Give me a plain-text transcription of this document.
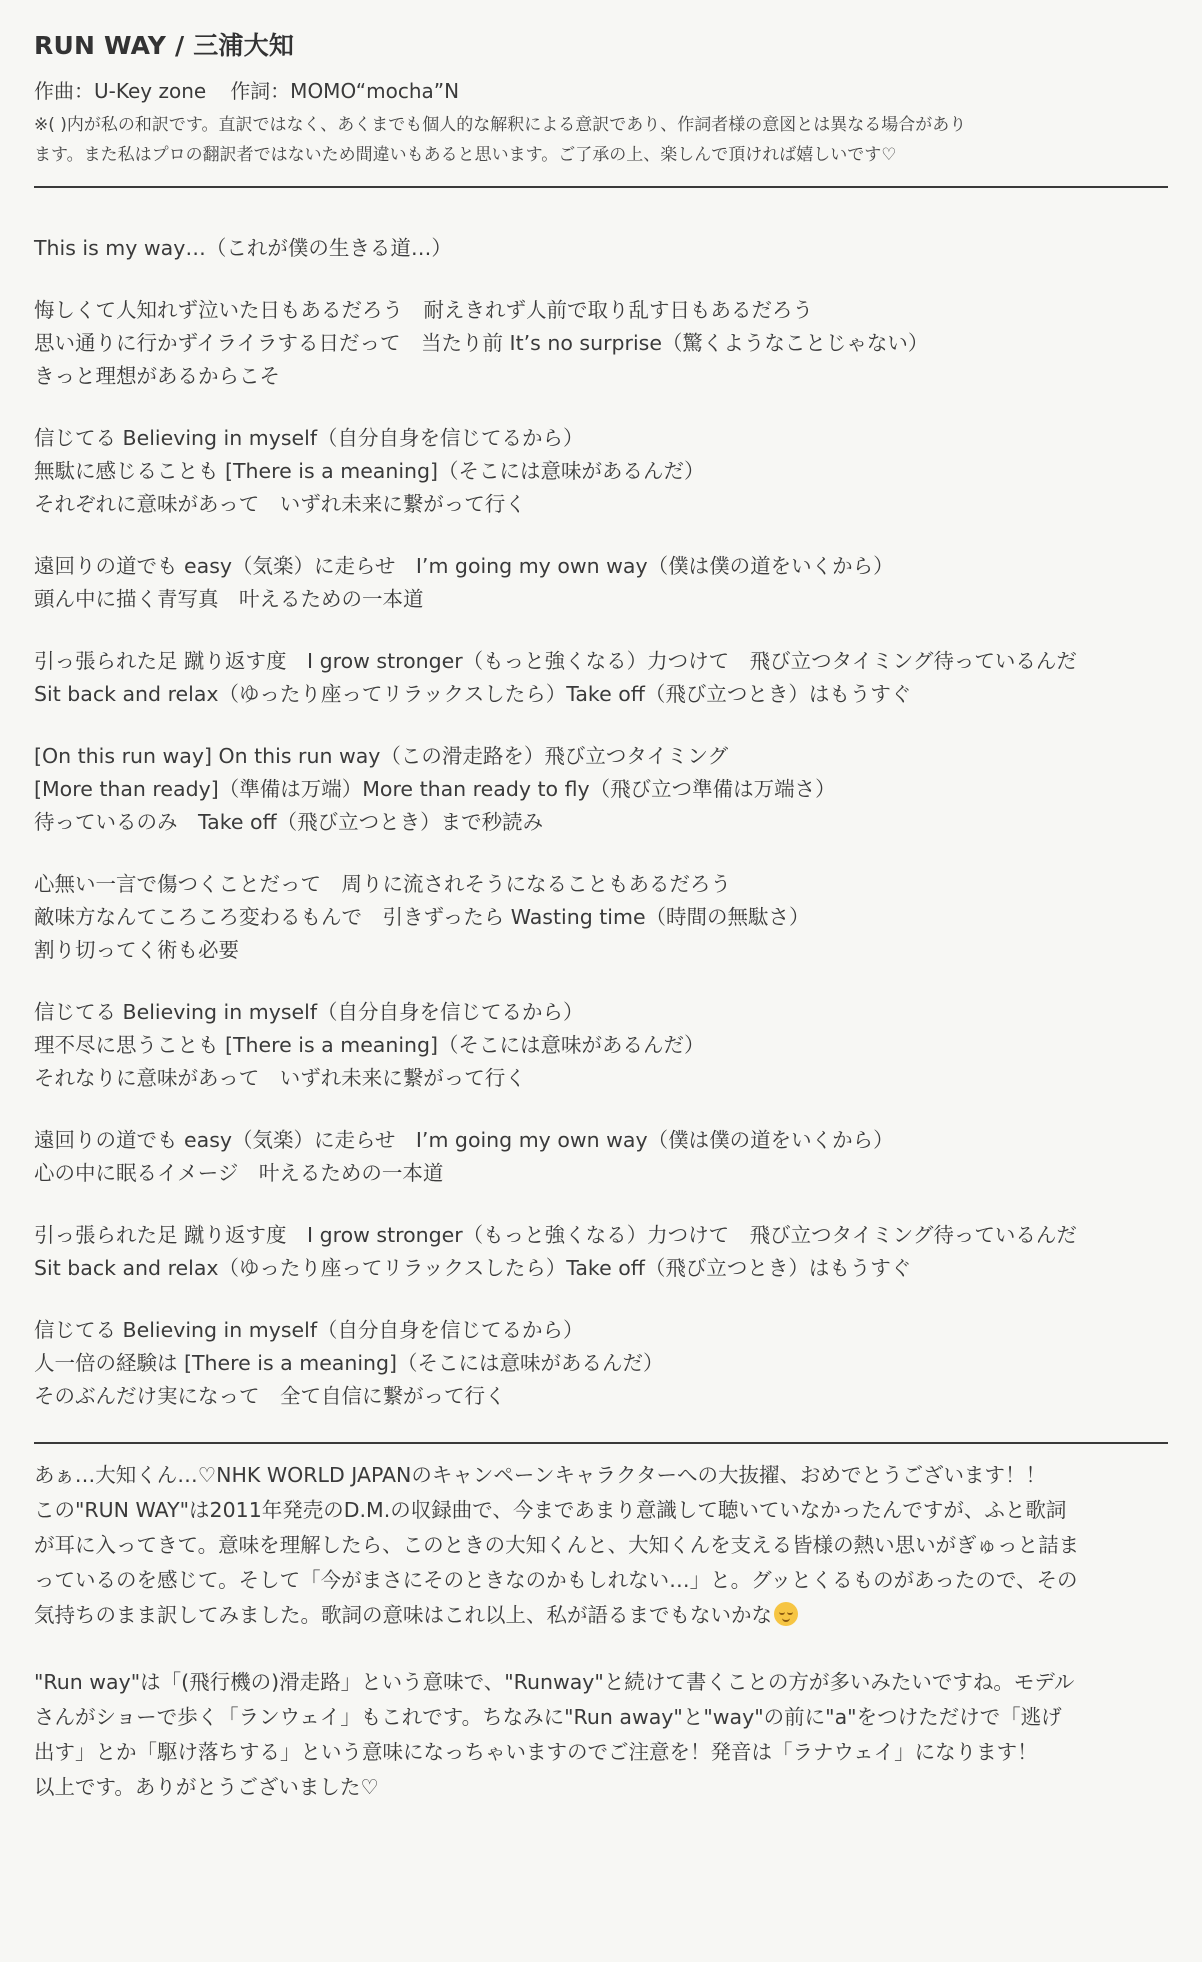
RUN WAY / 三浦大知
作曲：U-Key zone 作詞：MOMO“mocha”N
※( )内が私の和訳です。直訳ではなく、あくまでも個人的な解釈による意訳であり、作詞者様の意図とは異なる場合があり
ます。また私はプロの翻訳者ではないため間違いもあると思います。ご了承の上、楽しんで頂ければ嬉しいです♡
This is my way…（これが僕の生きる道…）
悔しくて人知れず泣いた日もあるだろう　耐えきれず人前で取り乱す日もあるだろう
思い通りに行かずイライラする日だって　当たり前 It’s no surprise（驚くようなことじゃない）
きっと理想があるからこそ
信じてる Believing in myself（自分自身を信じてるから）
無駄に感じることも [There is a meaning]（そこには意味があるんだ）
それぞれに意味があって　いずれ未来に繋がって行く
遠回りの道でも easy（気楽）に走らせ　I’m going my own way（僕は僕の道をいくから）
頭ん中に描く青写真　叶えるための一本道
引っ張られた足 蹴り返す度　I grow stronger（もっと強くなる）力つけて　飛び立つタイミング待っているんだ
Sit back and relax（ゆったり座ってリラックスしたら）Take off（飛び立つとき）はもうすぐ
[On this run way] On this run way（この滑走路を）飛び立つタイミング
[More than ready]（準備は万端）More than ready to fly（飛び立つ準備は万端さ）
待っているのみ　Take off（飛び立つとき）まで秒読み
心無い一言で傷つくことだって　周りに流されそうになることもあるだろう
敵味方なんてころころ変わるもんで　引きずったら Wasting time（時間の無駄さ）
割り切ってく術も必要
信じてる Believing in myself（自分自身を信じてるから）
理不尽に思うことも [There is a meaning]（そこには意味があるんだ）
それなりに意味があって　いずれ未来に繋がって行く
遠回りの道でも easy（気楽）に走らせ　I’m going my own way（僕は僕の道をいくから）
心の中に眠るイメージ　叶えるための一本道
引っ張られた足 蹴り返す度　I grow stronger（もっと強くなる）力つけて　飛び立つタイミング待っているんだ
Sit back and relax（ゆったり座ってリラックスしたら）Take off（飛び立つとき）はもうすぐ
信じてる Believing in myself（自分自身を信じてるから）
人一倍の経験は [There is a meaning]（そこには意味があるんだ）
そのぶんだけ実になって　全て自信に繋がって行く
あぁ…大知くん…♡NHK WORLD JAPANのキャンペーンキャラクターへの大抜擢、おめでとうございます！！
この"RUN WAY"は2011年発売のD.M.の収録曲で、今まであまり意識して聴いていなかったんですが、ふと歌詞
が耳に入ってきて。意味を理解したら、このときの大知くんと、大知くんを支える皆様の熱い思いがぎゅっと詰ま
っているのを感じて。そして「今がまさにそのときなのかもしれない…」と。グッとくるものがあったので、その
気持ちのまま訳してみました。歌詞の意味はこれ以上、私が語るまでもないかな
"Run way"は「(飛行機の)滑走路」という意味で、"Runway"と続けて書くことの方が多いみたいですね。モデル
さんがショーで歩く「ランウェイ」もこれです。ちなみに"Run away"と"way"の前に"a"をつけただけで「逃げ
出す」とか「駆け落ちする」という意味になっちゃいますのでご注意を！発音は「ラナウェイ」になります！
以上です。ありがとうございました♡
